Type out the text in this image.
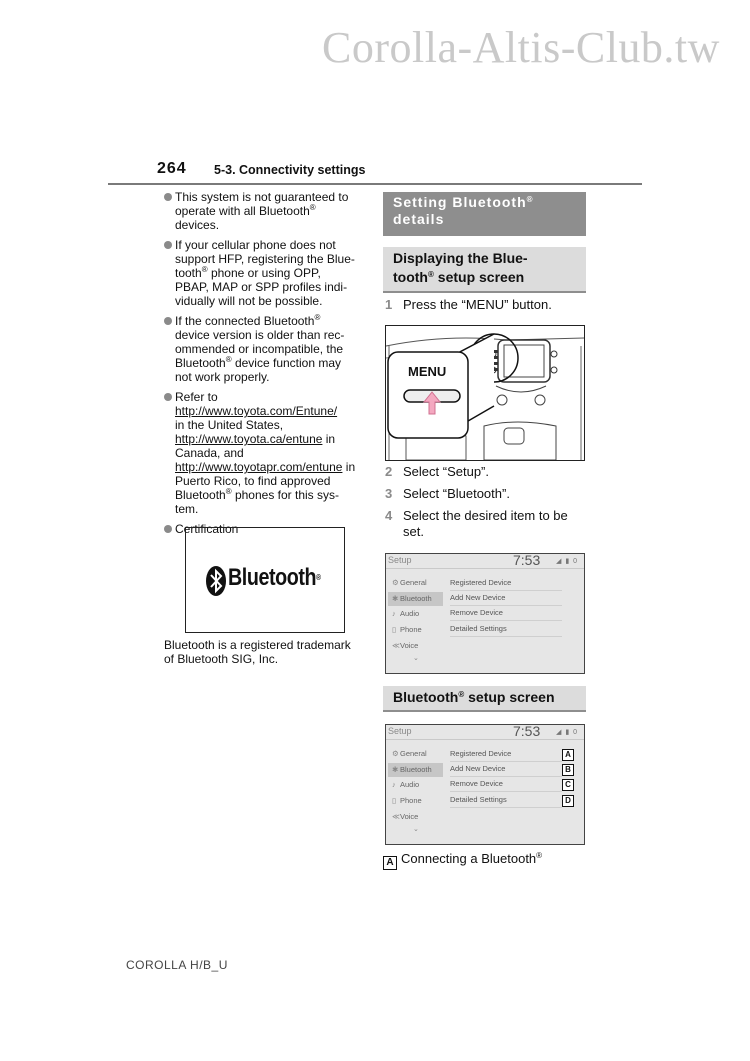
Corolla-Altis-Club.tw
264 5-3. Connectivity settings
This system is not guaranteed to
operate with all Bluetooth®
devices.
If your cellular phone does not
support HFP, registering the Blue-
tooth® phone or using OPP,
PBAP, MAP or SPP profiles indi-
vidually will not be possible.
If the connected Bluetooth®
device version is older than rec-
ommended or incompatible, the
Bluetooth® device function may
not work properly.
Refer to
http://www.toyota.com/Entune/
in the United States,
http://www.toyota.ca/entune in
Canada, and
http://www.toyotapr.com/entune in
Puerto Rico, to find approved
Bluetooth® phones for this sys-
tem.
Certification
Bluetooth®
Bluetooth is a registered trademark
of Bluetooth SIG, Inc.
Setting Bluetooth®
details
Displaying the Blue-
tooth® setup screen
1 Press the “MENU” button.
MENU
2 Select “Setup”.
3 Select “Bluetooth”.
4 Select the desired item to be set.
Setup	7:53 ◢ ▮ 0
⚙General
✱ Bluetooth
♪ Audio
▯ Phone
≪Voice
⌄
Registered Device
Add New Device
Remove Device
Detailed Settings
Bluetooth® setup screen
Setup	7:53 ◢ ▮ 0
⚙General
✱ Bluetooth
♪ Audio
▯ Phone
≪Voice
⌄
Registered Device
Add New Device
Remove Device
Detailed Settings
A
B
C
D
A Connecting a Bluetooth®
COROLLA H/B_U
